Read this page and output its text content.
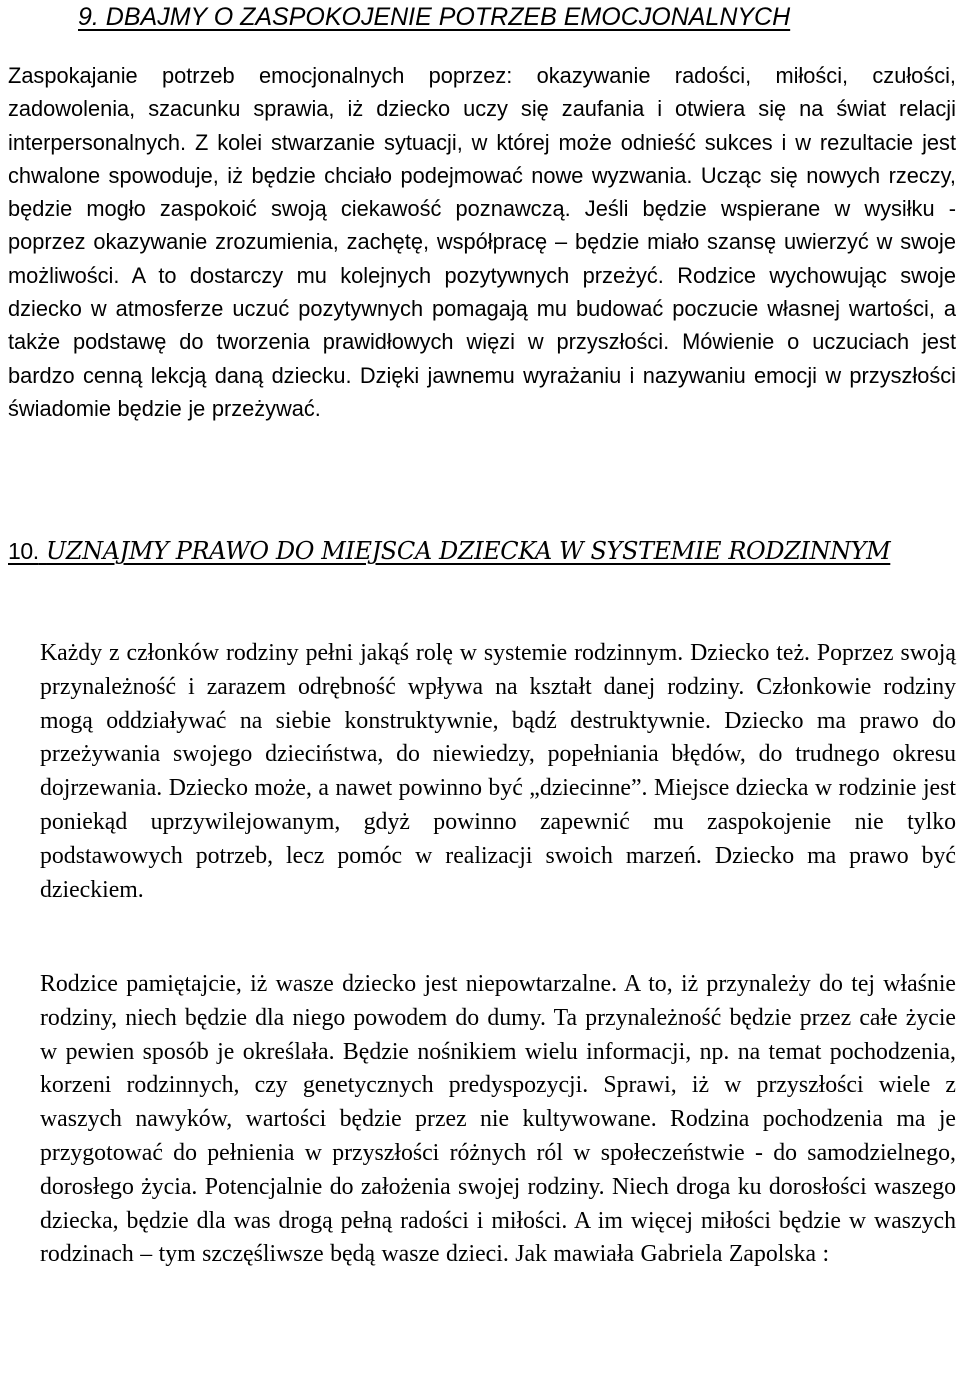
9. DBAJMY O ZASPOKOJENIE POTRZEB EMOCJONALNYCH

Zaspokajanie potrzeb emocjonalnych poprzez: okazywanie radości, miłości, czułości, zadowolenia, szacunku sprawia, iż dziecko uczy się zaufania i otwiera się na świat relacji interpersonalnych. Z kolei stwarzanie sytuacji, w której może odnieść sukces i w rezultacie jest chwalone spowoduje, iż będzie chciało podejmować nowe wyzwania. Ucząc się nowych rzeczy, będzie mogło zaspokoić swoją ciekawość poznawczą. Jeśli będzie wspierane w wysiłku - poprzez okazywanie zrozumienia, zachętę, współpracę – będzie miało szansę uwierzyć w swoje możliwości. A to dostarczy mu kolejnych pozytywnych przeżyć. Rodzice wychowując swoje dziecko w atmosferze uczuć pozytywnych pomagają mu budować poczucie własnej wartości, a także podstawę do tworzenia prawidłowych więzi w przyszłości. Mówienie o uczuciach jest bardzo cenną lekcją daną dziecku. Dzięki jawnemu wyrażaniu i nazywaniu emocji w przyszłości świadomie będzie je przeżywać.

10. UZNAJMY PRAWO DO MIEJSCA DZIECKA W SYSTEMIE RODZINNYM

Każdy z członków rodziny pełni jakąś rolę w systemie rodzinnym. Dziecko też. Poprzez swoją przynależność i zarazem odrębność wpływa na kształt danej rodziny. Członkowie rodziny mogą oddziaływać na siebie konstruktywnie, bądź destruktywnie. Dziecko ma prawo do przeżywania swojego dzieciństwa, do niewiedzy, popełniania błędów, do trudnego okresu dojrzewania. Dziecko może, a nawet powinno być „dziecinne”. Miejsce dziecka w rodzinie jest poniekąd uprzywilejowanym, gdyż powinno zapewnić mu zaspokojenie nie tylko podstawowych potrzeb, lecz pomóc w realizacji swoich marzeń. Dziecko ma prawo być dzieckiem.

Rodzice pamiętajcie, iż wasze dziecko jest niepowtarzalne. A to, iż przynależy do tej właśnie rodziny, niech będzie dla niego powodem do dumy. Ta przynależność będzie przez całe życie w pewien sposób je określała. Będzie nośnikiem wielu informacji, np. na temat pochodzenia, korzeni rodzinnych, czy genetycznych predyspozycji. Sprawi, iż w przyszłości wiele z waszych nawyków, wartości będzie przez nie kultywowane. Rodzina pochodzenia ma je przygotować do pełnienia w przyszłości różnych ról w społeczeństwie - do samodzielnego, dorosłego życia. Potencjalnie do założenia swojej rodziny. Niech droga ku dorosłości waszego dziecka, będzie dla was drogą pełną radości i miłości. A im więcej miłości będzie w waszych rodzinach – tym szczęśliwsze będą wasze dzieci. Jak mawiała Gabriela Zapolska :
